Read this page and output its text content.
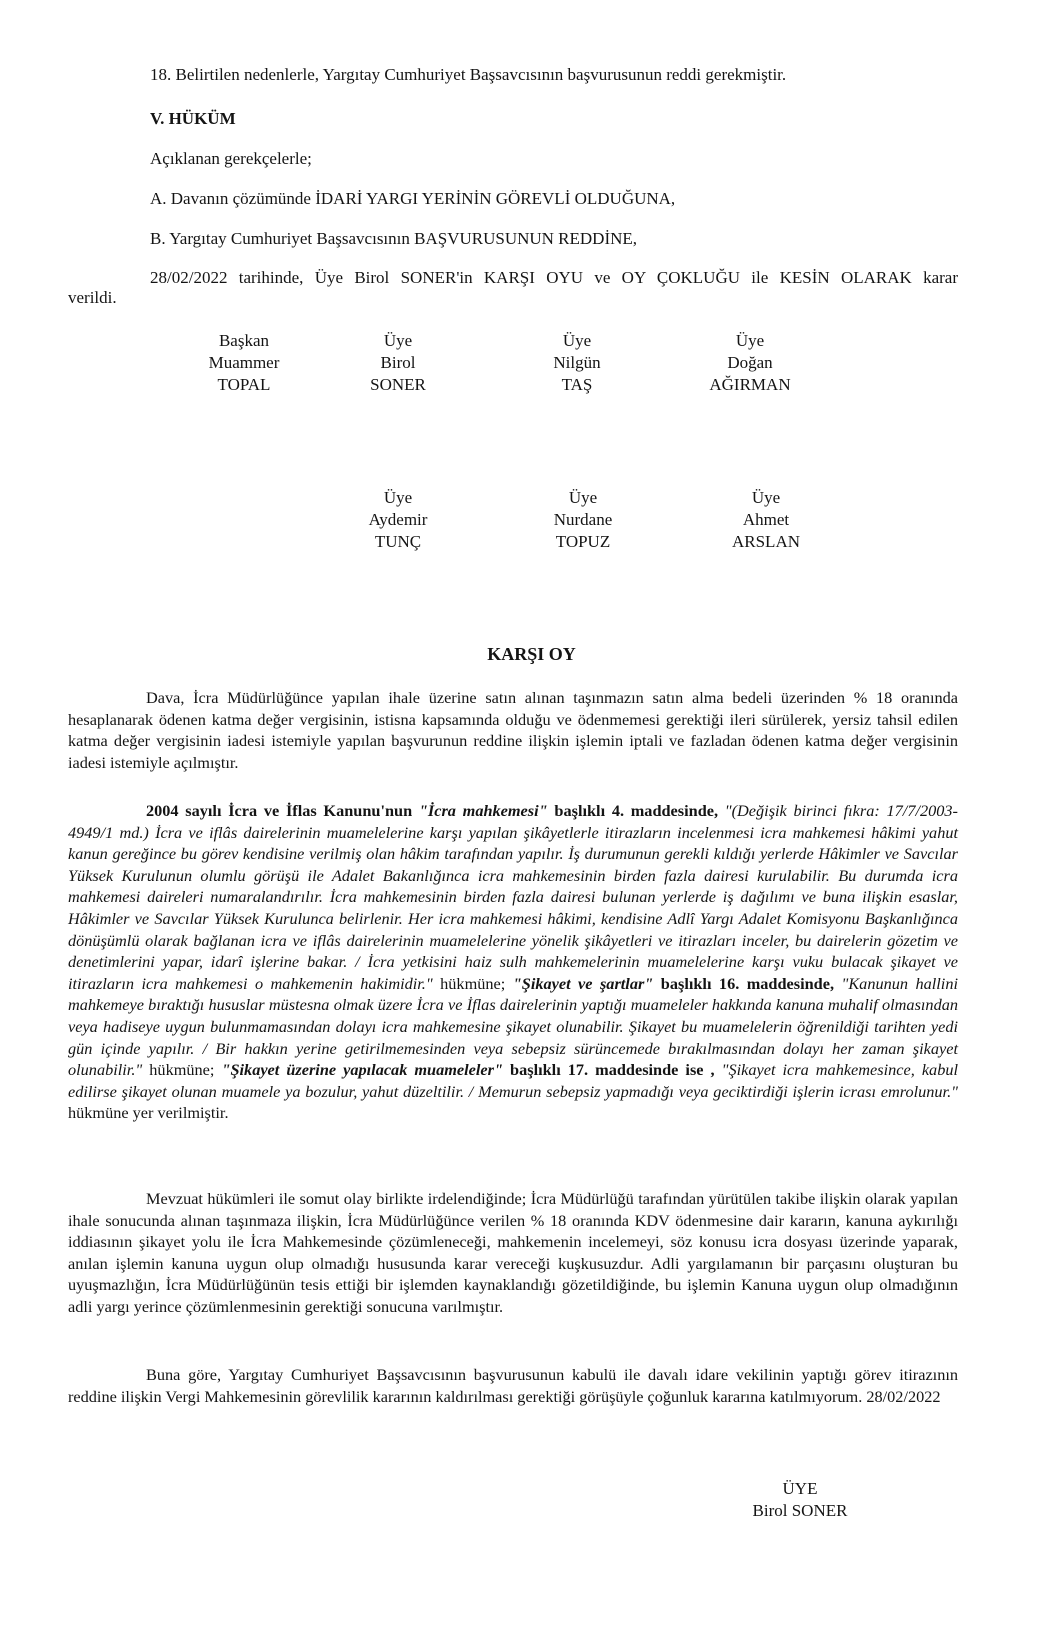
18. Belirtilen nedenlerle, Yargıtay Cumhuriyet Başsavcısının başvurusunun reddi gerekmiştir.
V. HÜKÜM
Açıklanan gerekçelerle;
A. Davanın çözümünde İDARİ YARGI YERİNİN GÖREVLİ OLDUĞUNA,
B. Yargıtay Cumhuriyet Başsavcısının BAŞVURUSUNUN REDDİNE,
28/02/2022 tarihinde, Üye Birol SONER'in KARŞI OYU ve OY ÇOKLUĞU ile KESİN OLARAK karar
verildi.
Başkan
Muammer
TOPAL
Üye
Birol
SONER
Üye
Nilgün
TAŞ
Üye
Doğan
AĞIRMAN
Üye
Aydemir
TUNÇ
Üye
Nurdane
TOPUZ
Üye
Ahmet
ARSLAN
KARŞI OY

Dava, İcra Müdürlüğünce yapılan ihale üzerine satın alınan taşınmazın satın alma bedeli üzerinden % 18 oranında hesaplanarak ödenen katma değer vergisinin, istisna kapsamında olduğu ve ödenmemesi gerektiği ileri sürülerek, yersiz tahsil edilen katma değer vergisinin iadesi istemiyle yapılan başvurunun reddine ilişkin işlemin iptali ve fazladan ödenen katma değer vergisinin iadesi istemiyle açılmıştır.

2004 sayılı İcra ve İflas Kanunu'nun "İcra mahkemesi" başlıklı 4. maddesinde, "(Değişik birinci fıkra: 17/7/2003-4949/1 md.) İcra ve iflâs dairelerinin muamelelerine karşı yapılan şikâyetlerle itirazların incelenmesi icra mahkemesi hâkimi yahut kanun gereğince bu görev kendisine verilmiş olan hâkim tarafından yapılır. İş durumunun gerekli kıldığı yerlerde Hâkimler ve Savcılar Yüksek Kurulunun olumlu görüşü ile Adalet Bakanlığınca icra mahkemesinin birden fazla dairesi kurulabilir. Bu durumda icra mahkemesi daireleri numaralandırılır. İcra mahkemesinin birden fazla dairesi bulunan yerlerde iş dağılımı ve buna ilişkin esaslar, Hâkimler ve Savcılar Yüksek Kurulunca belirlenir. Her icra mahkemesi hâkimi, kendisine Adlî Yargı Adalet Komisyonu Başkanlığınca dönüşümlü olarak bağlanan icra ve iflâs dairelerinin muamelelerine yönelik şikâyetleri ve itirazları inceler, bu dairelerin gözetim ve denetimlerini yapar, idarî işlerine bakar. / İcra yetkisini haiz sulh mahkemelerinin muamelelerine karşı vuku bulacak şikayet ve itirazların icra mahkemesi o mahkemenin hakimidir." hükmüne; "Şikayet ve şartlar" başlıklı 16. maddesinde, "Kanunun hallini mahkemeye bıraktığı hususlar müstesna olmak üzere İcra ve İflas dairelerinin yaptığı muameleler hakkında kanuna muhalif olmasından veya hadiseye uygun bulunmamasından dolayı icra mahkemesine şikayet olunabilir. Şikayet bu muamelelerin öğrenildiği tarihten yedi gün içinde yapılır. / Bir hakkın yerine getirilmemesinden veya sebepsiz sürüncemede bırakılmasından dolayı her zaman şikayet olunabilir." hükmüne; "Şikayet üzerine yapılacak muameleler" başlıklı 17. maddesinde ise , "Şikayet icra mahkemesince, kabul edilirse şikayet olunan muamele ya bozulur, yahut düzeltilir. / Memurun sebepsiz yapmadığı veya geciktirdiği işlerin icrası emrolunur." hükmüne yer verilmiştir.

Mevzuat hükümleri ile somut olay birlikte irdelendiğinde; İcra Müdürlüğü tarafından yürütülen takibe ilişkin olarak yapılan ihale sonucunda alınan taşınmaza ilişkin, İcra Müdürlüğünce verilen % 18 oranında KDV ödenmesine dair kararın, kanuna aykırılığı iddiasının şikayet yolu ile İcra Mahkemesinde çözümleneceği, mahkemenin incelemeyi, söz konusu icra dosyası üzerinde yaparak, anılan işlemin kanuna uygun olup olmadığı hususunda karar vereceği kuşkusuzdur. Adli yargılamanın bir parçasını oluşturan bu uyuşmazlığın, İcra Müdürlüğünün tesis ettiği bir işlemden kaynaklandığı gözetildiğinde, bu işlemin Kanuna uygun olup olmadığının adli yargı yerince çözümlenmesinin gerektiği sonucuna varılmıştır.

Buna göre, Yargıtay Cumhuriyet Başsavcısının başvurusunun kabulü ile davalı idare vekilinin yaptığı görev itirazının reddine ilişkin Vergi Mahkemesinin görevlilik kararının kaldırılması gerektiği görüşüyle çoğunluk kararına katılmıyorum. 28/02/2022

ÜYE
Birol SONER
